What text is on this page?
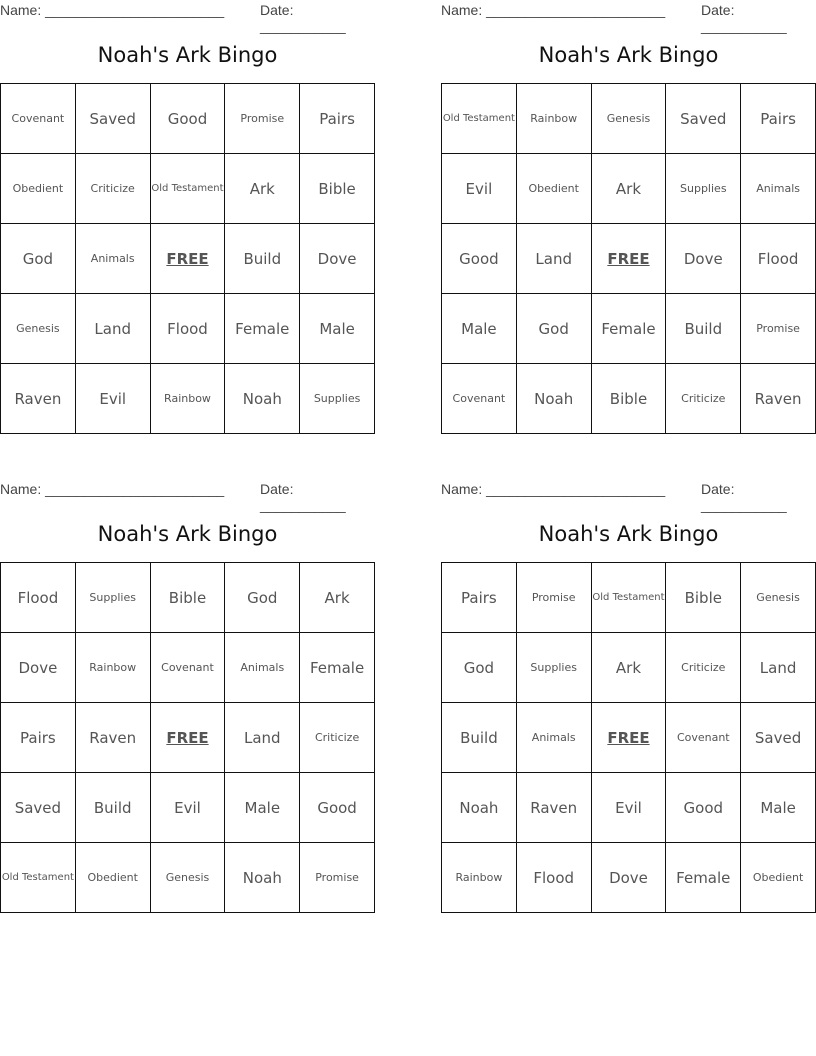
Name: _______________________	Date: ___________
Noah's Ark Bingo
Covenant	Saved	Good	Promise	Pairs
Obedient	Criticize	Old Testament	Ark	Bible
God	Animals	FREE	Build	Dove
Genesis	Land	Flood	Female	Male
Raven	Evil	Rainbow	Noah	Supplies
Name: _______________________	Date: ___________
Noah's Ark Bingo
Old Testament	Rainbow	Genesis	Saved	Pairs
Evil	Obedient	Ark	Supplies	Animals
Good	Land	FREE	Dove	Flood
Male	God	Female	Build	Promise
Covenant	Noah	Bible	Criticize	Raven
Name: _______________________	Date: ___________
Noah's Ark Bingo
Flood	Supplies	Bible	God	Ark
Dove	Rainbow	Covenant	Animals	Female
Pairs	Raven	FREE	Land	Criticize
Saved	Build	Evil	Male	Good
Old Testament	Obedient	Genesis	Noah	Promise
Name: _______________________	Date: ___________
Noah's Ark Bingo
Pairs	Promise	Old Testament	Bible	Genesis
God	Supplies	Ark	Criticize	Land
Build	Animals	FREE	Covenant	Saved
Noah	Raven	Evil	Good	Male
Rainbow	Flood	Dove	Female	Obedient
